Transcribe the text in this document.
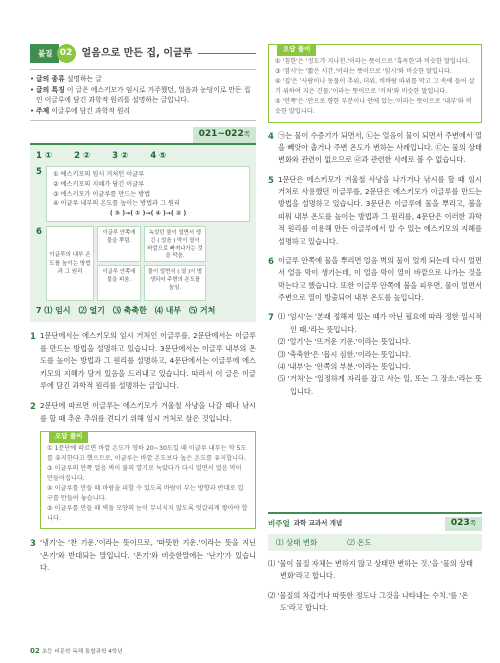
불질 02 얼음으로 만든 집, 이글루
• 글의 종류 설명하는 글
• 글의 특징 이 글은 에스키모가 임시로 거주했던, 얼음과 눈덩이로 만든 집인 이글루에 담긴 과학적 원리를 설명하는 글입니다.
• 주제 이글루에 담긴 과학적 원리
021~022쪽
1 ①	2 ②	3 ②	4 ⑤
5 ① 에스키모의 임시 거처인 이글루
② 에스키모의 지혜가 담긴 이글루
③ 에스키모가 이글루를 만드는 방법
④ 이글루 내부의 온도를 높이는 방법과 그 원리
( ③ )→( ① )→( ④ )→( ② )
6
이글루의 내부 온도를 높이는 방법과 그 원리
이글루 안쪽에 물을 뿌림.
이글루 안쪽에 불을 피움.
녹았던 물이 얼면서 생긴 ( 얼음 ) 막이 열이 바깥으로 빠져나가는 것을 막음.
물이 얼면서 ( 열 )이 발생되어 주변의 온도를 높임.
7 ⑴ 임시 ⑵ 얼기 ⑶ 축축한 ⑷ 내부 ⑸ 거처
1 1문단에서는 에스키모의 임시 거처인 이글루를, 2문단에서는 이글루를 만드는 방법을 설명하고 있습니다. 3문단에서는 이글루 내부의 온도를 높이는 방법과 그 원리를 설명하고, 4문단에서는 이글루에 에스키모의 지혜가 담겨 있음을 드러내고 있습니다. 따라서 이 글은 이글루에 담긴 과학적 원리를 설명하는 글입니다.
2 2문단에 따르면 이글루는 에스키모가 겨울철 사냥을 나갈 때나 낚시를 할 때 추운 추위를 견디기 위해 임시 거처로 삼은 것입니다.
오답 풀이
① 1문단에 따르면 바깥 온도가 영하 20~30도일 때 이글루 내부는 약 5도를 유지한다고 했으므로, 이글루는 바깥 온도보다 높은 온도를 유지합니다.
③ 이글루의 안쪽 얼음 벽이 불의 열기로 녹았다가 다시 얼면서 얼음 막이 만들어집니다.
④ 이글루를 만들 때 바람을 피할 수 있도록 바람이 부는 방향과 반대로 입구를 만들어 놓습니다.
⑤ 이글루를 만들 때 벽돌 모양의 눈이 무너지지 않도록 엇갈리게 쌓아야 합니다.
3 '냉기'는 '찬 기운.'이라는 뜻이므로, '따뜻한 기운.'이라는 뜻을 지닌 '온기'와 반대되는 말입니다. '온기'와 비슷한말에는 '난기'가 있습니다.
오답 풀이
① '침한'은 '정도가 지나친.'이라는 뜻이므로 '혹독한'과 비슷한 말입니다.
③ '잠시'는 '짧은 시간.'이라는 뜻이므로 '임시'와 비슷한 말입니다.
④ '집'은 '사람이나 동물이 추위, 더위, 비바람 따위를 막고 그 속에 들어 살기 위하여 지은 건물.'이라는 뜻이므로 '거처'와 비슷한 말입니다.
⑤ '안쪽'은 '안으로 향한 부분이나 안에 있는.'이라는 뜻이므로 '내부'와 비슷한 말입니다.
4 ㉠는 물이 수증기가 되면서, ㉡는 얼음이 물이 되면서 주변에서 열을 빼앗아 춥거나 주변 온도가 변하는 사례입니다. ㉢는 물의 상태 변화와 관련이 없으므로 ㉣과 관련한 사례로 볼 수 없습니다.
5 1문단은 에스키모가 겨울철 사냥을 나가거나 낚시를 할 때 임시 거처로 사용했던 이글루를, 2문단은 에스키모가 이글루를 만드는 방법을 설명하고 있습니다. 3문단은 이글루에 물을 뿌리고, 불을 피워 내부 온도를 높이는 방법과 그 원리를, 4문단은 이러한 과학적 원리를 이용해 만든 이글루에서 알 수 있는 에스키모의 지혜를 설명하고 있습니다.
6 이글루 안쪽에 물을 뿌리면 얼음 벽의 물이 얼게 되는데 다시 얼면서 얼음 막이 생기는데, 이 얼음 막이 열이 바깥으로 나가는 것을 막는다고 했습니다. 또한 이글루 안쪽에 불을 피우면, 물이 얼면서 주변으로 열이 방출되어 내부 온도를 높입니다.
7 ⑴ '임시'는 '본래 정해져 있는 때가 아닌 필요에 따라 정한 일시적인 때.'라는 뜻입니다.
⑵ '얼기'는 '뜨거운 기운.'이라는 뜻입니다.
⑶ '축축한'은 '몹시 심한.'이라는 뜻입니다.
⑷ '내부'는 '안쪽의 부분.'이라는 뜻입니다.
⑸ '거처'는 '일정하게 자리를 잡고 사는 일, 또는 그 장소.'라는 뜻입니다.
비주얼 과학 교과서 개념	023쪽
⑴ 상태 변화	⑵ 온도
⑴ '물이 물질 자체는 변하지 않고 상태만 변하는 것.'을 '물의 상태 변화'라고 합니다.
⑵ '물질의 차갑거나 따뜻한 정도나 그것을 나타내는 수치.'를 '온도'라고 합니다.
02 초등 비문학 독해 통합과학 4학년
